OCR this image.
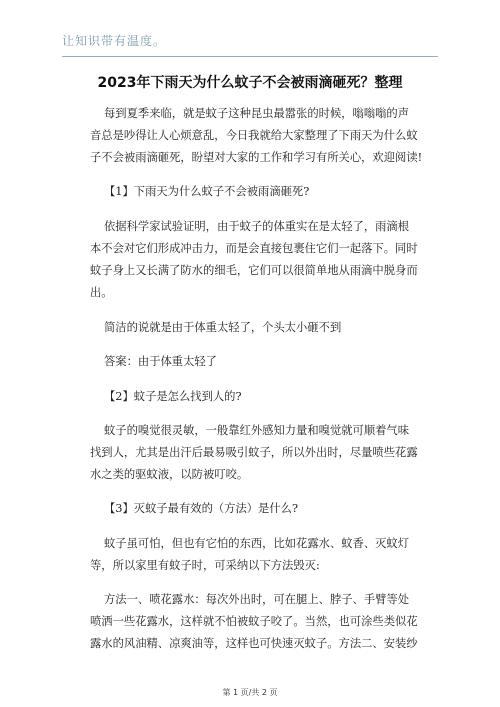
让知识带有温度。
2023年下雨天为什么蚊子不会被雨滴砸死？整理
每到夏季来临，就是蚊子这种昆虫最嚣张的时候，嗡嗡嗡的声
音总是吵得让人心烦意乱，今日我就给大家整理了下雨天为什么蚊
子不会被雨滴砸死，盼望对大家的工作和学习有所关心，欢迎阅读!
【1】下雨天为什么蚊子不会被雨滴砸死?
依据科学家试验证明，由于蚊子的体重实在是太轻了，雨滴根
本不会对它们形成冲击力，而是会直接包裹住它们一起落下。同时
蚊子身上又长满了防水的细毛，它们可以很简单地从雨滴中脱身而
出。
简洁的说就是由于体重太轻了，个头太小砸不到
答案：由于体重太轻了
【2】蚊子是怎么找到人的?
蚊子的嗅觉很灵敏，一般靠红外感知力量和嗅觉就可顺着气味
找到人，尤其是出汗后最易吸引蚊子，所以外出时，尽量喷些花露
水之类的驱蚊液，以防被叮咬。
【3】灭蚊子最有效的（方法）是什么?
蚊子虽可怕，但也有它怕的东西，比如花露水、蚊香、灭蚊灯
等，所以家里有蚊子时，可采纳以下方法毁灭:
方法一、喷花露水：每次外出时，可在腿上、脖子、手臂等处
喷洒一些花露水，这样就不怕被蚊子咬了。当然，也可涂些类似花
露水的风油精、凉爽油等，这样也可快速灭蚊子。方法二、安装纱
第 1 页/共 2 页
